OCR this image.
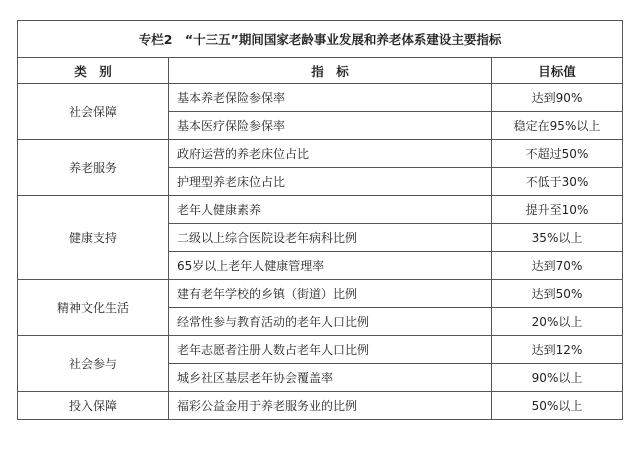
专栏2　“十三五”期间国家老龄事业发展和养老体系建设主要指标		
类　别	指　标	目标值
社会保障	基本养老保险参保率	达到90%
	基本医疗保险参保率	稳定在95%以上
养老服务	政府运营的养老床位占比	不超过50%
	护理型养老床位占比	不低于30%
健康支持	老年人健康素养	提升至10%
	二级以上综合医院设老年病科比例	35%以上
	65岁以上老年人健康管理率	达到70%
精神文化生活	建有老年学校的乡镇（街道）比例	达到50%
	经常性参与教育活动的老年人口比例	20%以上
社会参与	老年志愿者注册人数占老年人口比例	达到12%
	城乡社区基层老年协会覆盖率	90%以上
投入保障	福彩公益金用于养老服务业的比例	50%以上
